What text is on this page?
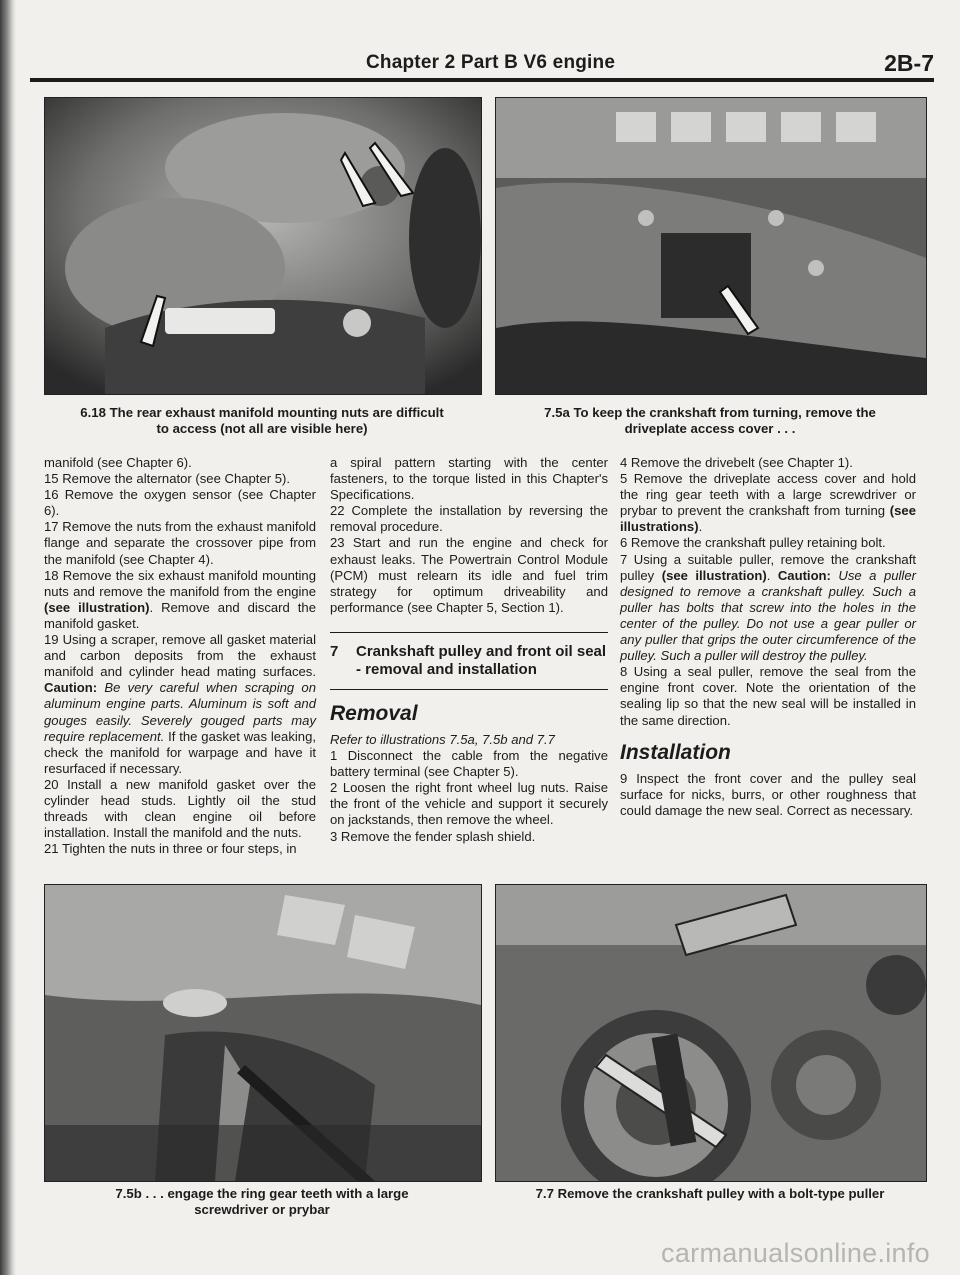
Chapter 2 Part B V6 engine	2B-7
6.18 The rear exhaust manifold mounting nuts are difficult
to access (not all are visible here)
7.5a To keep the crankshaft from turning, remove the
driveplate access cover . . .

manifold (see Chapter 6).

15 Remove the alternator (see Chapter 5).

16 Remove the oxygen sensor (see Chapter 6).

17 Remove the nuts from the exhaust manifold flange and separate the crossover pipe from the manifold (see Chapter 4).

18 Remove the six exhaust manifold mounting nuts and remove the manifold from the engine (see illustration). Remove and discard the manifold gasket.

19 Using a scraper, remove all gasket material and carbon deposits from the exhaust manifold and cylinder head mating surfaces. Caution: Be very careful when scraping on aluminum engine parts. Aluminum is soft and gouges easily. Severely gouged parts may require replacement. If the gasket was leaking, check the manifold for warpage and have it resurfaced if necessary.

20 Install a new manifold gasket over the cylinder head studs. Lightly oil the stud threads with clean engine oil before installation. Install the manifold and the nuts.

21 Tighten the nuts in three or four steps, in

a spiral pattern starting with the center fasteners, to the torque listed in this Chapter's Specifications.

22 Complete the installation by reversing the removal procedure.

23 Start and run the engine and check for exhaust leaks. The Powertrain Control Module (PCM) must relearn its idle and fuel trim strategy for optimum driveability and performance (see Chapter 5, Section 1).

7	Crankshaft pulley and front oil seal - removal and installation
Removal

Refer to illustrations 7.5a, 7.5b and 7.7

1 Disconnect the cable from the negative battery terminal (see Chapter 5).

2 Loosen the right front wheel lug nuts. Raise the front of the vehicle and support it securely on jackstands, then remove the wheel.

3 Remove the fender splash shield.

4 Remove the drivebelt (see Chapter 1).

5 Remove the driveplate access cover and hold the ring gear teeth with a large screwdriver or prybar to prevent the crankshaft from turning (see illustrations).

6 Remove the crankshaft pulley retaining bolt.

7 Using a suitable puller, remove the crankshaft pulley (see illustration). Caution: Use a puller designed to remove a crankshaft pulley. Such a puller has bolts that screw into the holes in the center of the pulley. Do not use a gear puller or any puller that grips the outer circumference of the pulley. Such a puller will destroy the pulley.

8 Using a seal puller, remove the seal from the engine front cover. Note the orientation of the sealing lip so that the new seal will be installed in the same direction.

Installation

9 Inspect the front cover and the pulley seal surface for nicks, burrs, or other roughness that could damage the new seal. Correct as necessary.

7.5b . . . engage the ring gear teeth with a large
screwdriver or prybar
7.7 Remove the crankshaft pulley with a bolt-type puller
carmanualsonline.info
